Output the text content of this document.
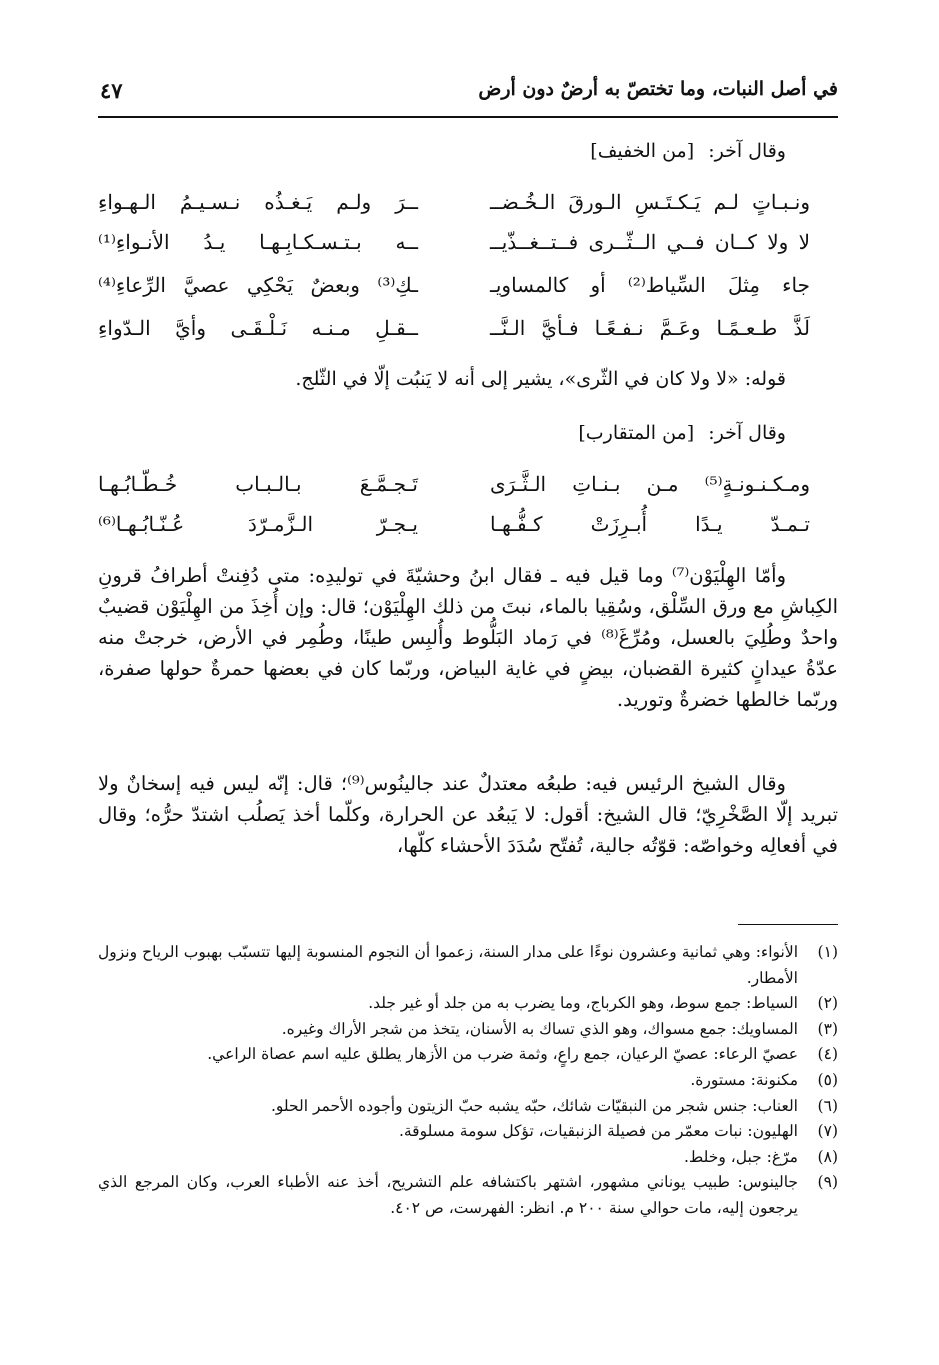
في أصل النبات، وما تختصّ به أرضٌ دون أرض
٤٧
وقال آخر: [من الخفيف]
ونـبـاتٍ لـم يَـكـتَـسِ الـورقَ الـخُـضــ
ــرَ ولـم يَـغـذُه نـسـيـمُ الـهـواءِ
لا ولا كــان فــي الــثّــرى فــتــغــذّيــ
ــه بـتـسـكـابِـهـا يـدُ الأنـواءِ⁽¹⁾
جاء مِثلَ السِّياط⁽²⁾ أو كالمساويـ
ـكِ⁽³⁾ وبعضٌ يَحْكِي عصيَّ الرِّعاءِ⁽⁴⁾
لَذَّ طـعـمًـا وعَـمَّ نـفـعًـا فـأيَّ الـنَّــ
ــقـلِ مـنـه نَـلْـقَـى وأيَّ الـدّواءِ
قوله: «لا ولا كان في الثّرى»، يشير إلى أنه لا يَنبُت إلّا في الثّلج.
وقال آخر: [من المتقارب]
ومـكـنـونـةٍ⁽⁵⁾ مـن بـنـاتِ الـثَّـرَى
تَـجـمَّـعَ بـالـبـاب خُـطّـابُـهـا
تـمـدّ يـدًا أُبـرِزَتْ كـفُّـهـا
يـجـرّ الـزَّمـرّدَ عُـنّـابُـهـا⁽⁶⁾

وأمّا الهِلْيَوْن⁽⁷⁾ وما قيل فيه ـ فقال ابنُ وحشيّةَ في توليدِه: متى دُفِنتْ أطرافُ قرونِ الكِباشِ مع ورق السِّلْق، وسُقِيا بالماء، نبتَ من ذلك الهِلْيَوْن؛ قال: وإن أُخِذَ من الهِلْيَوْن قضيبٌ واحدٌ وطُلِيَ بالعسل، ومُرِّغَ⁽⁸⁾ في رَماد البَلُّوط وأُلبِس طينًا، وطُمِر في الأرض، خرجتْ منه عدّةُ عيدانٍ كثيرة القضبان، بيضٍ في غاية البياض، وربّما كان في بعضها حمرةٌ حولها صفرة، وربّما خالطها خضرةٌ وتوريد.

وقال الشيخ الرئيس فيه: طبعُه معتدلٌ عند جالينُوس⁽⁹⁾؛ قال: إنّه ليس فيه إسخانٌ ولا تبريد إلّا الصَّخْرِيّ؛ قال الشيخ: أقول: لا يَبعُد عن الحرارة، وكلّما أخذ يَصلُب اشتدّ حرُّه؛ وقال في أفعالِه وخواصّه: قوّتُه جالية، تُفتّح سُدَدَ الأحشاء كلّها،

(١)
الأنواء: وهي ثمانية وعشرون نوءًا على مدار السنة، زعموا أن النجوم المنسوبة إليها تتسبّب بهبوب الرياح ونزول الأمطار.
(٢)
السياط: جمع سوط، وهو الكرباج، وما يضرب به من جلد أو غير جلد.
(٣)
المساويك: جمع مسواك، وهو الذي تساك به الأسنان، يتخذ من شجر الأراك وغيره.
(٤)
عصيّ الرعاء: عصيّ الرعيان، جمع راعٍ، وثمة ضرب من الأزهار يطلق عليه اسم عصاة الراعي.
(٥)
مكنونة: مستورة.
(٦)
العناب: جنس شجر من النبقيّات شائك، حبّه يشبه حبّ الزيتون وأجوده الأحمر الحلو.
(٧)
الهليون: نبات معمّر من فصيلة الزنبقيات، تؤكل سومة مسلوقة.
(٨)
مرّغ: جبل، وخلط.
(٩)
جالينوس: طبيب يوناني مشهور، اشتهر باكتشافه علم التشريح، أخذ عنه الأطباء العرب، وكان المرجع الذي يرجعون إليه، مات حوالي سنة ٢٠٠ م. انظر: الفهرست، ص ٤٠٢.
